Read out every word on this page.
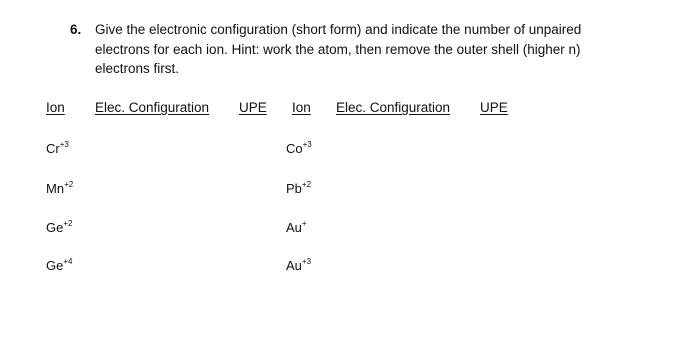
6. Give the electronic configuration (short form) and indicate the number of unpaired
electrons for each ion. Hint: work the atom, then remove the outer shell (higher n)
electrons first.
Ion Elec. Configuration UPE Ion Elec. Configuration UPE
$Cr^{+3}$
$Mn^{+2}$
$Ge^{+2}$
$Ge^{+4}$
$Co^{+3}$
$Pb^{+2}$
Au+
$Au^{+3}$
